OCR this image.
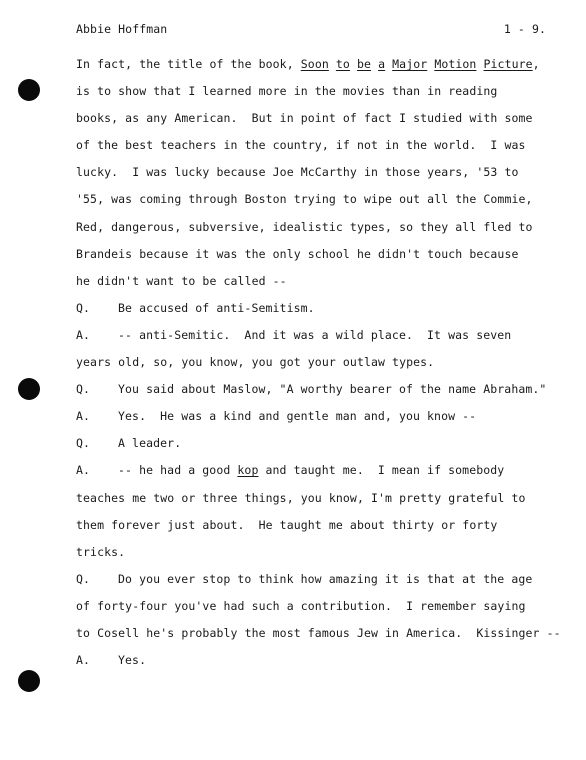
Abbie Hoffman	1 - 9.
In fact, the title of the book, Soon to be a Major Motion Picture,
is to show that I learned more in the movies than in reading
books, as any American.  But in point of fact I studied with some
of the best teachers in the country, if not in the world.  I was
lucky.  I was lucky because Joe McCarthy in those years, '53 to
'55, was coming through Boston trying to wipe out all the Commie,
Red, dangerous, subversive, idealistic types, so they all fled to
Brandeis because it was the only school he didn't touch because
he didn't want to be called --
Q. Be accused of anti-Semitism.
A. -- anti-Semitic.  And it was a wild place.  It was seven
years old, so, you know, you got your outlaw types.
Q. You said about Maslow, "A worthy bearer of the name Abraham."
A. Yes.  He was a kind and gentle man and, you know --
Q. A leader.
A. -- he had a good kop and taught me.  I mean if somebody
teaches me two or three things, you know, I'm pretty grateful to
them forever just about.  He taught me about thirty or forty
tricks.
Q. Do you ever stop to think how amazing it is that at the age
of forty-four you've had such a contribution.  I remember saying
to Cosell he's probably the most famous Jew in America.  Kissinger --
A. Yes.
